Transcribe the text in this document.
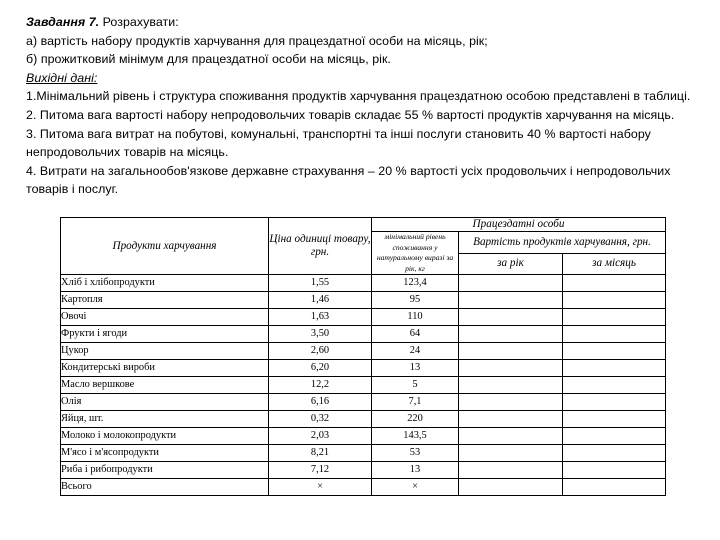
Завдання 7. Розрахувати:

а) вартість набору продуктів харчування для працездатної особи на місяць, рік;

б) прожитковий мінімум для працездатної особи на місяць, рік.

Вихідні дані:

1.Мінімальний рівень і структура споживання продуктів харчування працездатною особою представлені в таблиці.

2. Питома вага вартості набору непродовольчих товарів складає 55 % вартості продуктів харчування на місяць.

3. Питома вага витрат на побутові, комунальні, транспортні та інші послуги становить 40 % вартості набору непродовольчих товарів на місяць.

4. Витрати на загальнообов'язкове державне страхування – 20 % вартості усіх продовольчих і непродовольчих товарів і послуг.

Продукти харчування	Ціна одиниці товару, грн.	Працездатні особи		
		мінімальний рівень споживання у натуральному виразі за рік, кг	Вартість продуктів харчування, грн.	
			за рік	за місяць
Хліб і хлібопродукти	1,55	123,4		
Картопля	1,46	95		
Овочі	1,63	110		
Фрукти і ягоди	3,50	64		
Цукор	2,60	24		
Кондитерські вироби	6,20	13		
Масло вершкове	12,2	5		
Олія	6,16	7,1		
Яйця, шт.	0,32	220		
Молоко і молокопродукти	2,03	143,5		
М'ясо і м'ясопродукти	8,21	53		
Риба і рибопродукти	7,12	13		
Всього	×	×		
